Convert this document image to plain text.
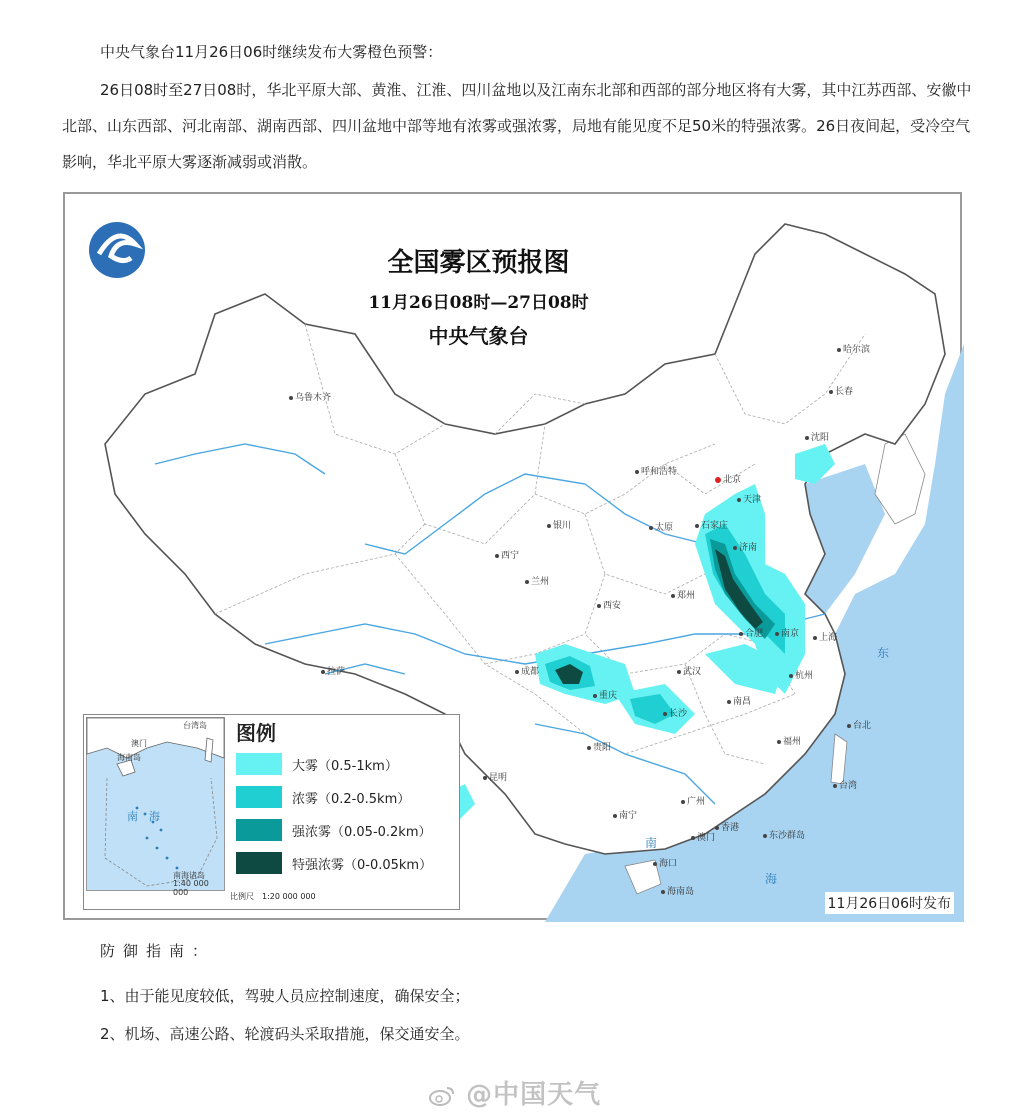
中央气象台11月26日06时继续发布大雾橙色预警：

26日08时至27日08时，华北平原大部、黄淮、江淮、四川盆地以及江南东北部和西部的部分地区将有大雾，其中江苏西部、安徽中北部、山东西部、河北南部、湖南西部、四川盆地中部等地有浓雾或强浓雾，局地有能见度不足50米的特强浓雾。26日夜间起，受冷空气影响，华北平原大雾逐渐减弱或消散。

全国雾区预报图
11月26日08时—27日08时
中央气象台
乌鲁木齐
哈尔滨
长春
沈阳
北京
天津
呼和浩特
石家庄
太原
银川
济南
西宁
兰州
郑州
西安
合肥	南京	上海
成都	武汉	杭州
拉萨
重庆
南昌
长沙
贵阳
福州
台北
昆明
南宁
广州
澳门
香港
海口
台湾
东沙群岛
海南岛
东
海
南
澳门
海南岛
台湾岛
南海诸岛
1:40 000 000
南　海
图例
大雾（0.5-1km）
浓雾（0.2-0.5km）
强浓雾（0.05-0.2km）
特强浓雾（0-0.05km）
比例尺　1:20 000 000	11月26日06时发布
防御指南：
1、由于能见度较低，驾驶人员应控制速度，确保安全；
2、机场、高速公路、轮渡码头采取措施，保交通安全。
@中国天气
